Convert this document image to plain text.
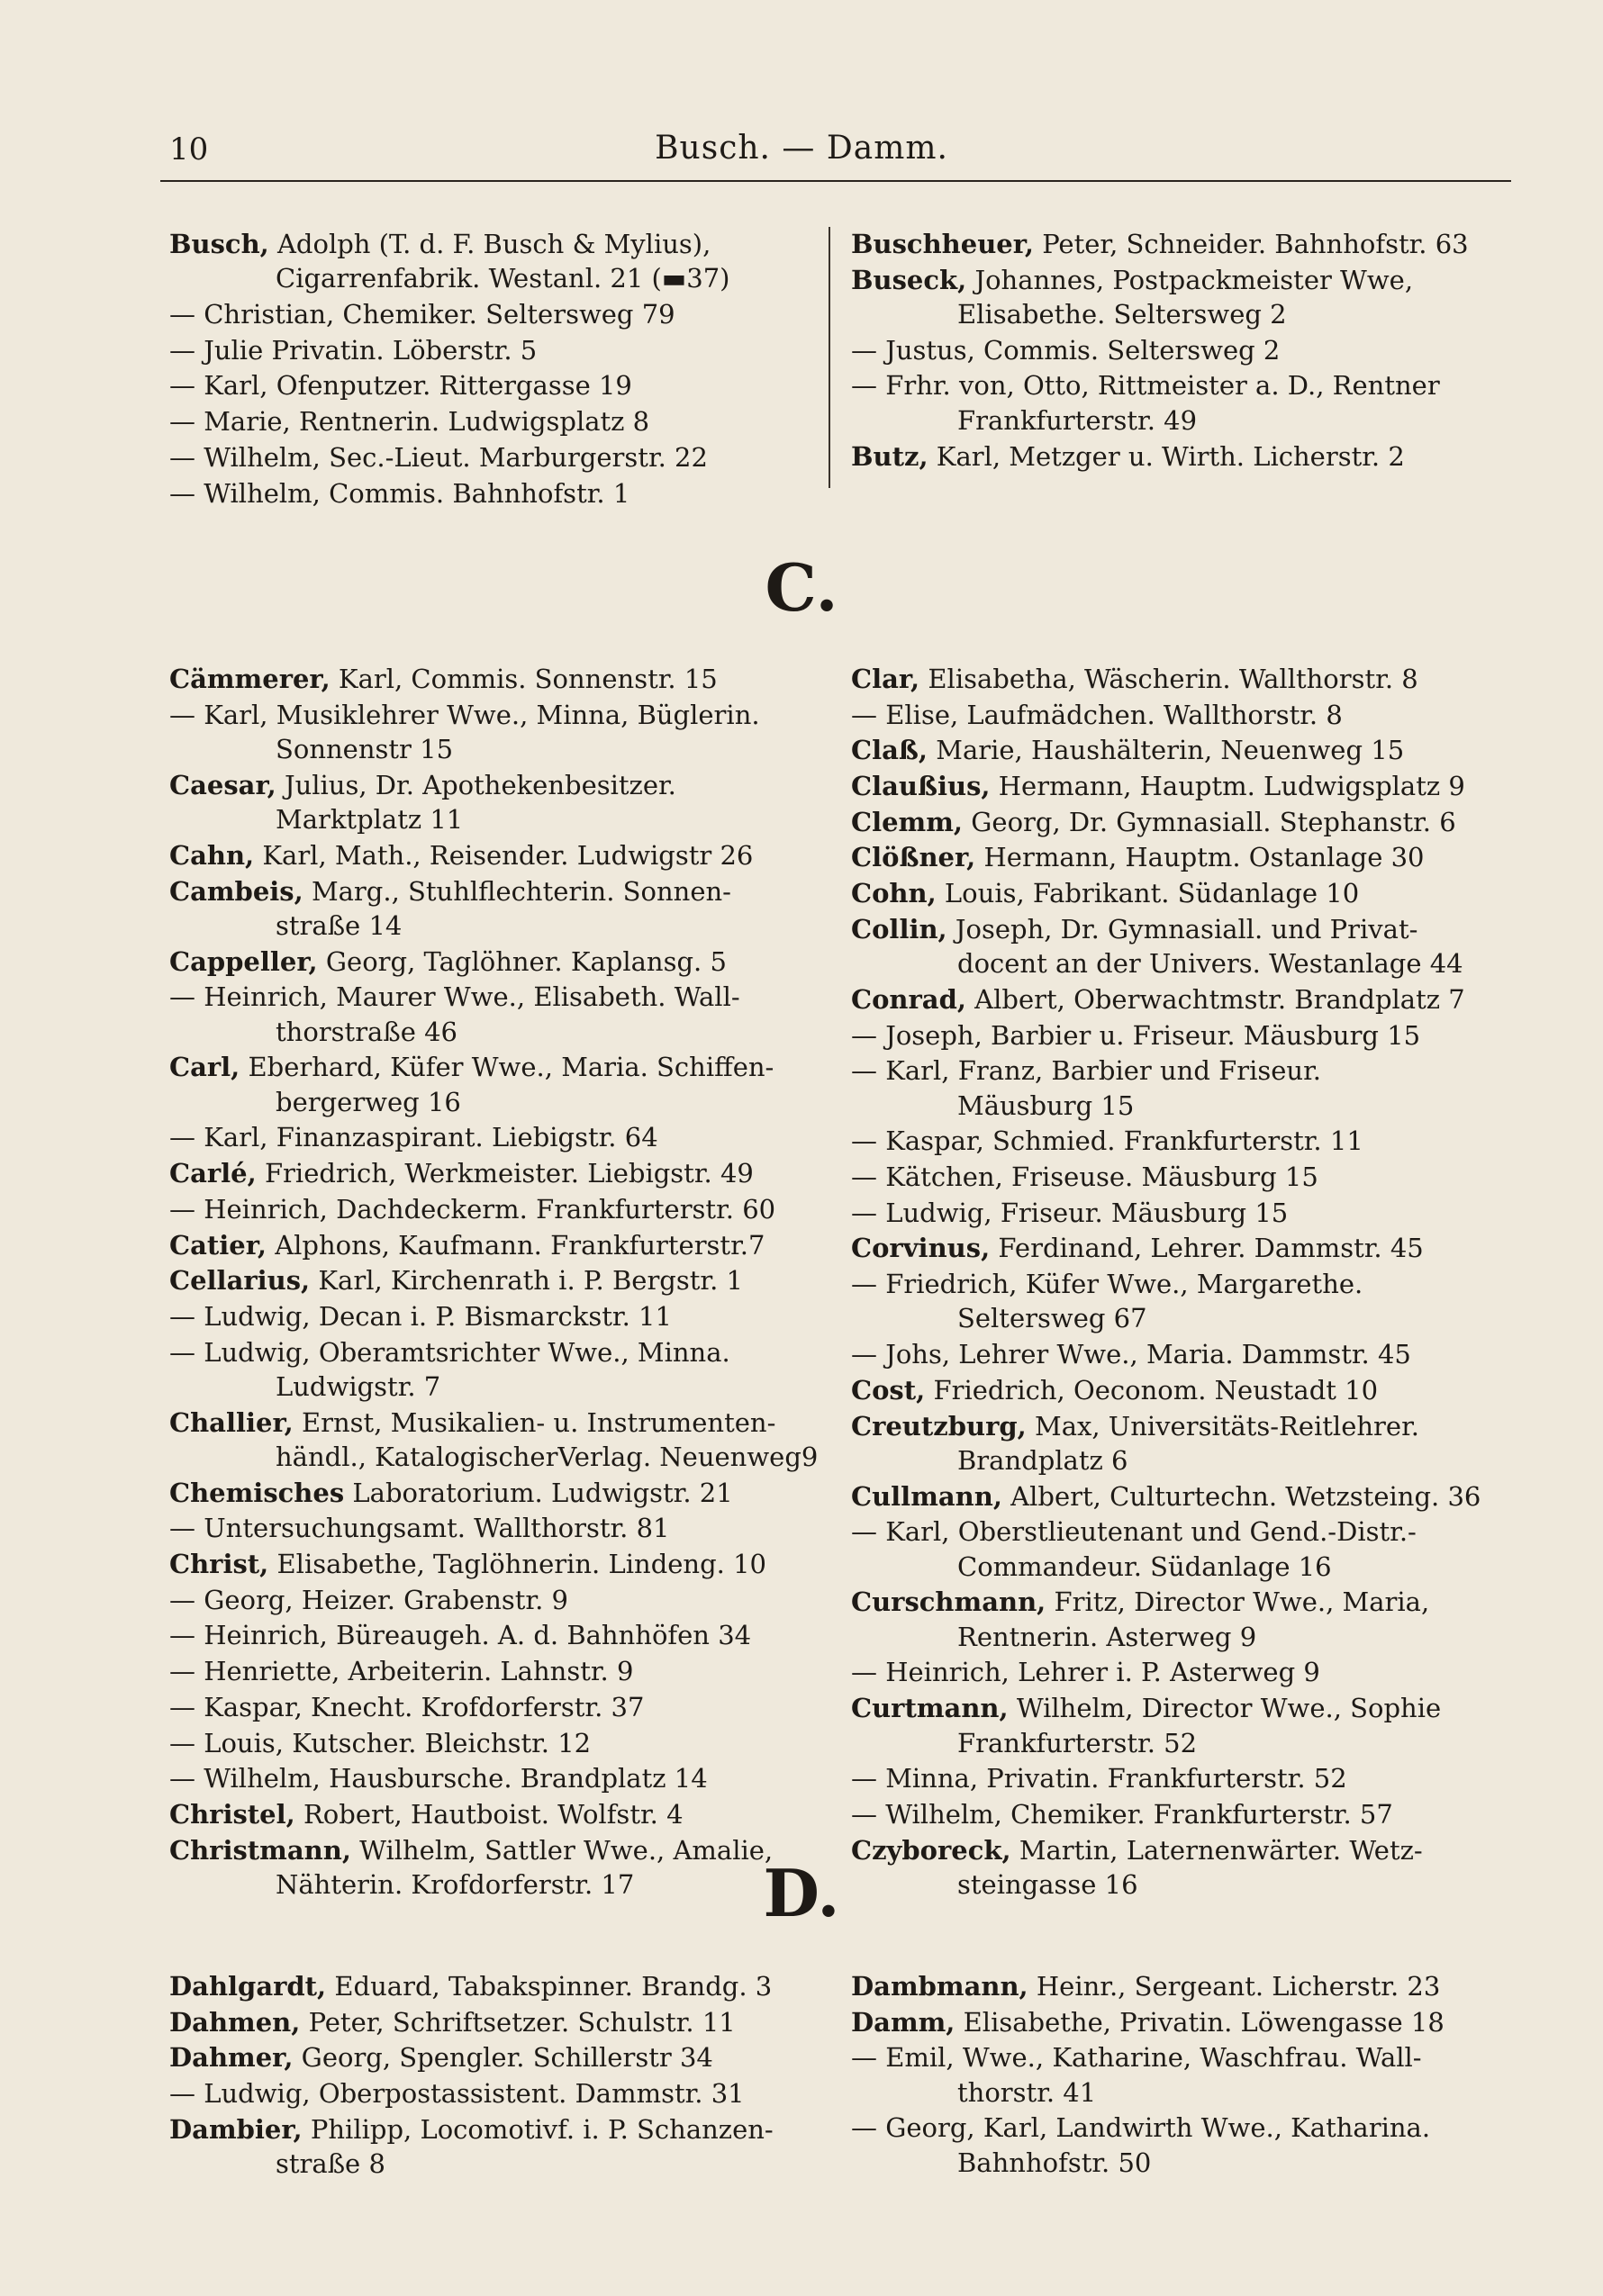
10	Busch. — Damm.
Busch, Adolph (T. d. F. Busch & Mylius),
Cigarrenfabrik. Westanl. 21 (▬37)
— Christian, Chemiker. Seltersweg 79
— Julie Privatin. Löberstr. 5
— Karl, Ofenputzer. Rittergasse 19
— Marie, Rentnerin. Ludwigsplatz 8
— Wilhelm, Sec.-Lieut. Marburgerstr. 22
— Wilhelm, Commis. Bahnhofstr. 1
Buschheuer, Peter, Schneider. Bahnhofstr. 63
Buseck, Johannes, Postpackmeister Wwe,
Elisabethe. Seltersweg 2
— Justus, Commis. Seltersweg 2
— Frhr. von, Otto, Rittmeister a. D., Rentner
Frankfurterstr. 49
Butz, Karl, Metzger u. Wirth. Licherstr. 2
C.
Cämmerer, Karl, Commis. Sonnenstr. 15
— Karl, Musiklehrer Wwe., Minna, Büglerin.
Sonnenstr 15
Caesar, Julius, Dr. Apothekenbesitzer.
Marktplatz 11
Cahn, Karl, Math., Reisender. Ludwigstr 26
Cambeis, Marg., Stuhlflechterin. Sonnen-
straße 14
Cappeller, Georg, Taglöhner. Kaplansg. 5
— Heinrich, Maurer Wwe., Elisabeth. Wall-
thorstraße 46
Carl, Eberhard, Küfer Wwe., Maria. Schiffen-
bergerweg 16
— Karl, Finanzaspirant. Liebigstr. 64
Carlé, Friedrich, Werkmeister. Liebigstr. 49
— Heinrich, Dachdeckerm. Frankfurterstr. 60
Catier, Alphons, Kaufmann. Frankfurterstr.7
Cellarius, Karl, Kirchenrath i. P. Bergstr. 1
— Ludwig, Decan i. P. Bismarckstr. 11
— Ludwig, Oberamtsrichter Wwe., Minna.
Ludwigstr. 7
Challier, Ernst, Musikalien- u. Instrumenten-
händl., KatalogischerVerlag. Neuenweg9
Chemisches Laboratorium. Ludwigstr. 21
— Untersuchungsamt. Wallthorstr. 81
Christ, Elisabethe, Taglöhnerin. Lindeng. 10
— Georg, Heizer. Grabenstr. 9
— Heinrich, Büreaugeh. A. d. Bahnhöfen 34
— Henriette, Arbeiterin. Lahnstr. 9
— Kaspar, Knecht. Krofdorferstr. 37
— Louis, Kutscher. Bleichstr. 12
— Wilhelm, Hausbursche. Brandplatz 14
Christel, Robert, Hautboist. Wolfstr. 4
Christmann, Wilhelm, Sattler Wwe., Amalie,
Nähterin. Krofdorferstr. 17
Clar, Elisabetha, Wäscherin. Wallthorstr. 8
— Elise, Laufmädchen. Wallthorstr. 8
Claß, Marie, Haushälterin, Neuenweg 15
Claußius, Hermann, Hauptm. Ludwigsplatz 9
Clemm, Georg, Dr. Gymnasiall. Stephanstr. 6
Clößner, Hermann, Hauptm. Ostanlage 30
Cohn, Louis, Fabrikant. Südanlage 10
Collin, Joseph, Dr. Gymnasiall. und Privat-
docent an der Univers. Westanlage 44
Conrad, Albert, Oberwachtmstr. Brandplatz 7
— Joseph, Barbier u. Friseur. Mäusburg 15
— Karl, Franz, Barbier und Friseur.
Mäusburg 15
— Kaspar, Schmied. Frankfurterstr. 11
— Kätchen, Friseuse. Mäusburg 15
— Ludwig, Friseur. Mäusburg 15
Corvinus, Ferdinand, Lehrer. Dammstr. 45
— Friedrich, Küfer Wwe., Margarethe.
Seltersweg 67
— Johs, Lehrer Wwe., Maria. Dammstr. 45
Cost, Friedrich, Oeconom. Neustadt 10
Creutzburg, Max, Universitäts-Reitlehrer.
Brandplatz 6
Cullmann, Albert, Culturtechn. Wetzsteing. 36
— Karl, Oberstlieutenant und Gend.-Distr.-
Commandeur. Südanlage 16
Curschmann, Fritz, Director Wwe., Maria,
Rentnerin. Asterweg 9
— Heinrich, Lehrer i. P. Asterweg 9
Curtmann, Wilhelm, Director Wwe., Sophie
Frankfurterstr. 52
— Minna, Privatin. Frankfurterstr. 52
— Wilhelm, Chemiker. Frankfurterstr. 57
Czyboreck, Martin, Laternenwärter. Wetz-
steingasse 16
D.
Dahlgardt, Eduard, Tabakspinner. Brandg. 3
Dahmen, Peter, Schriftsetzer. Schulstr. 11
Dahmer, Georg, Spengler. Schillerstr 34
— Ludwig, Oberpostassistent. Dammstr. 31
Dambier, Philipp, Locomotivf. i. P. Schanzen-
straße 8
Dambmann, Heinr., Sergeant. Licherstr. 23
Damm, Elisabethe, Privatin. Löwengasse 18
— Emil, Wwe., Katharine, Waschfrau. Wall-
thorstr. 41
— Georg, Karl, Landwirth Wwe., Katharina.
Bahnhofstr. 50
